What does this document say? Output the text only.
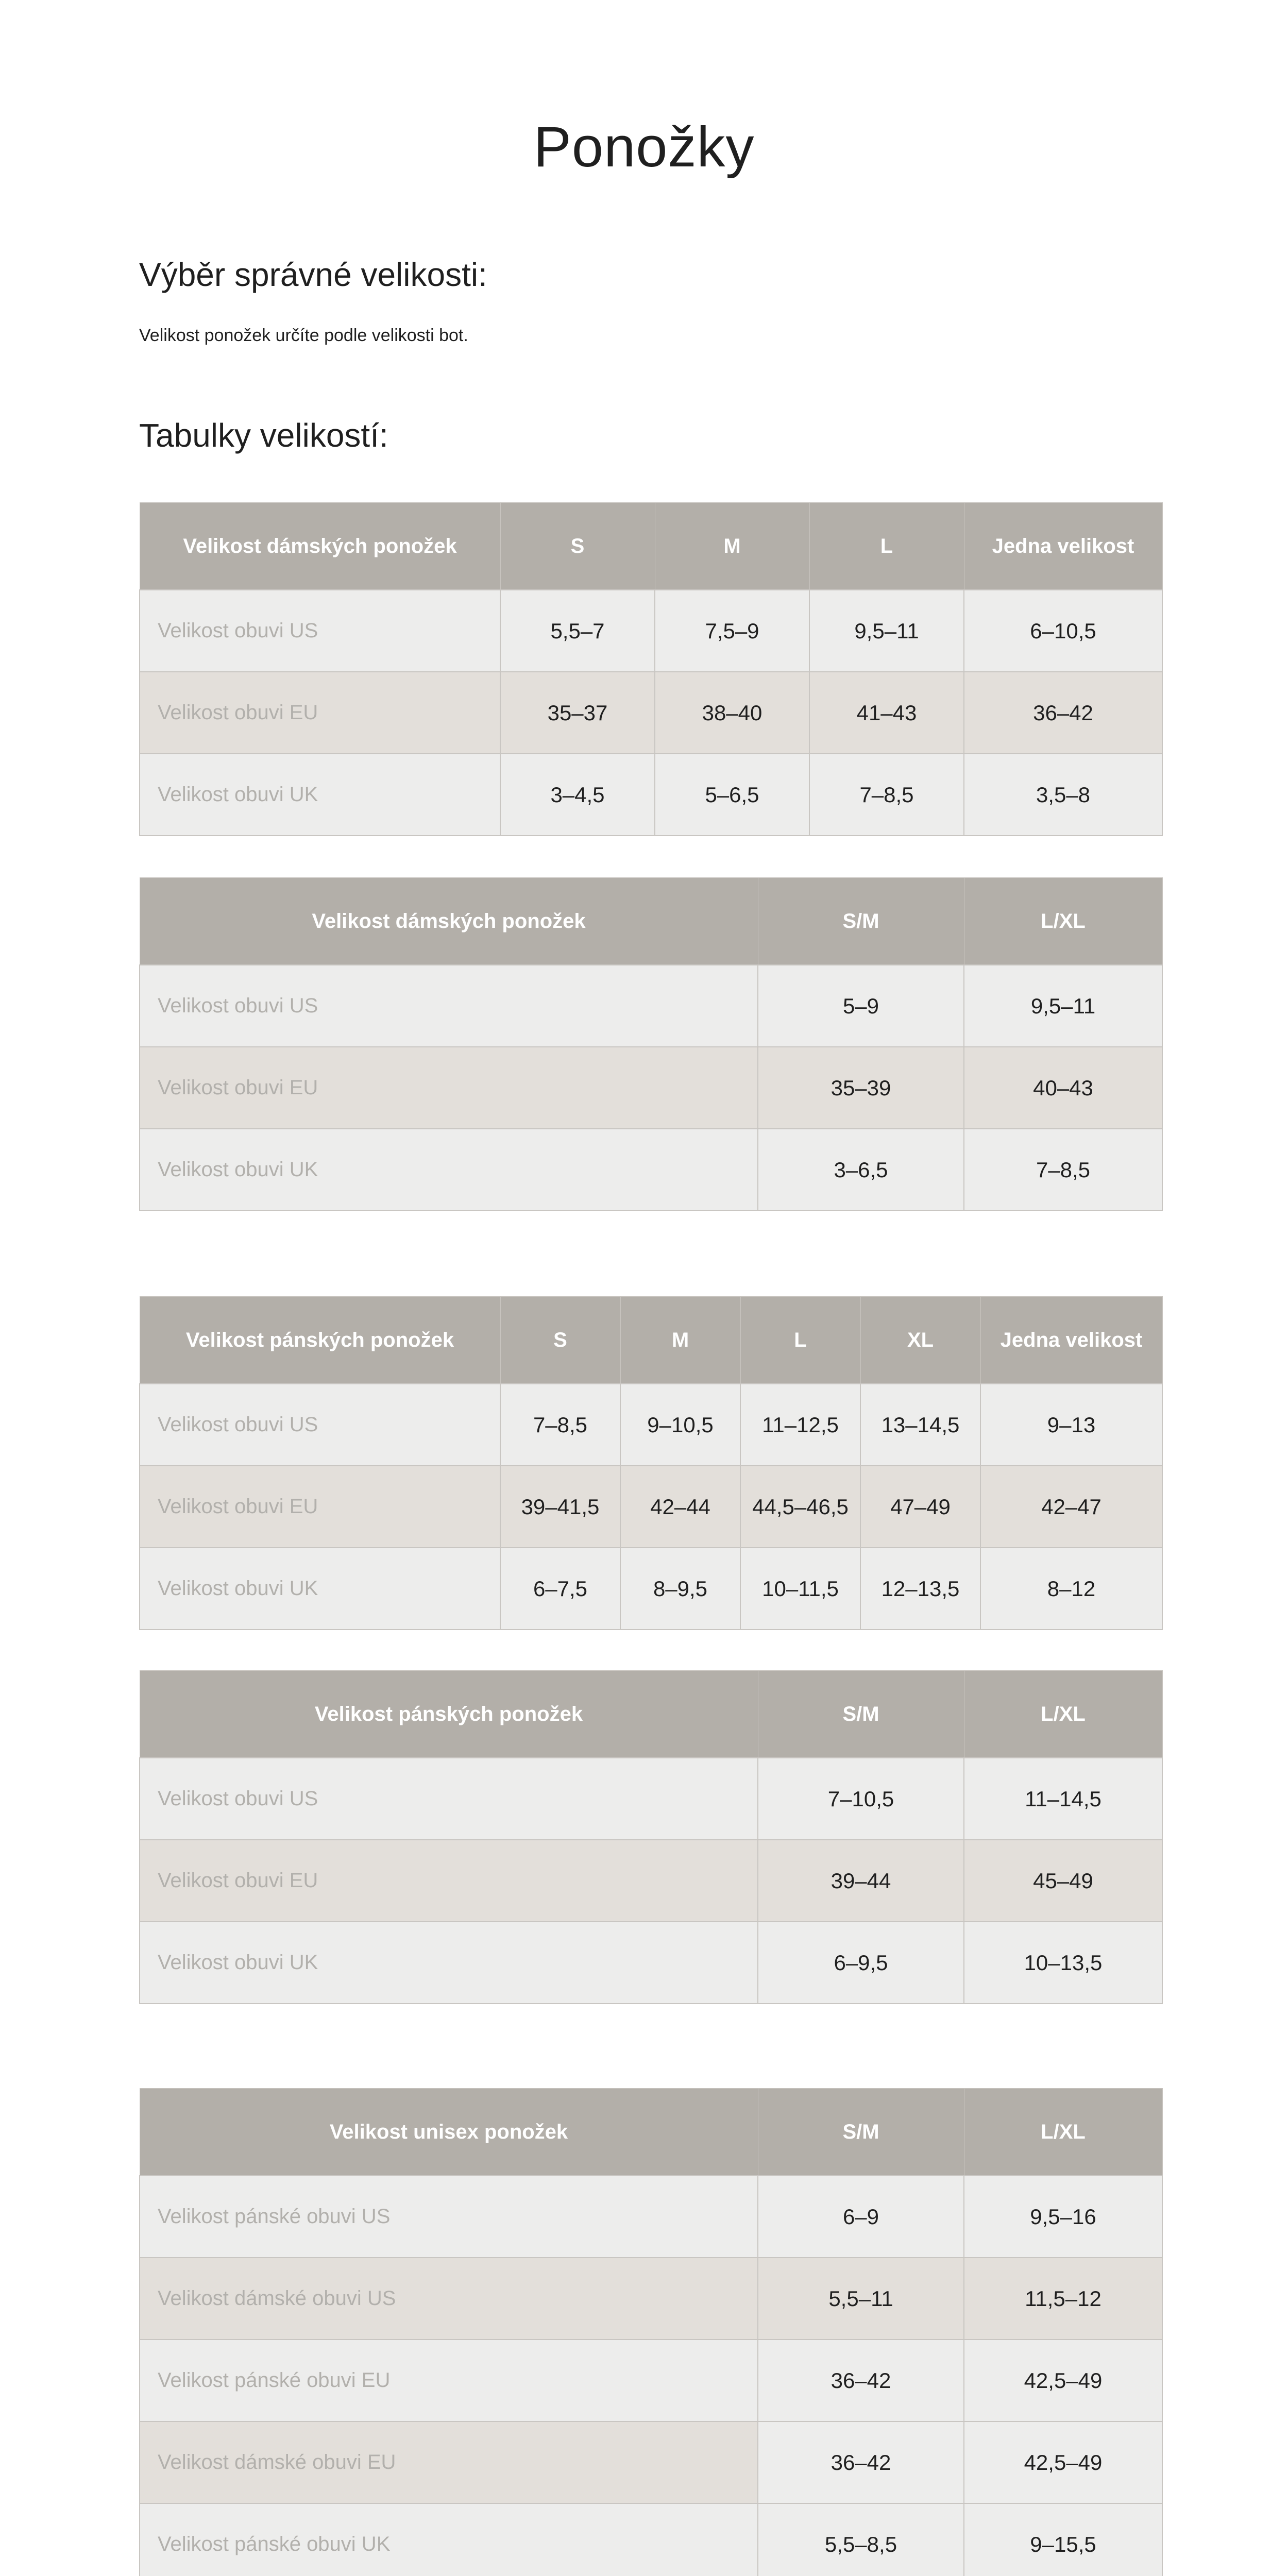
Ponožky
Výběr správné velikosti:

Velikost ponožek určíte podle velikosti bot.

Tabulky velikostí:
Velikost dámských ponožek	S	M	L	Jedna velikost
Velikost obuvi US	5,5–7	7,5–9	9,5–11	6–10,5
Velikost obuvi EU	35–37	38–40	41–43	36–42
Velikost obuvi UK	3–4,5	5–6,5	7–8,5	3,5–8
Velikost dámských ponožek	S/M	L/XL
Velikost obuvi US	5–9	9,5–11
Velikost obuvi EU	35–39	40–43
Velikost obuvi UK	3–6,5	7–8,5
Velikost pánských ponožek	S	M	L	XL	Jedna velikost
Velikost obuvi US	7–8,5	9–10,5	11–12,5	13–14,5	9–13
Velikost obuvi EU	39–41,5	42–44	44,5–46,5	47–49	42–47
Velikost obuvi UK	6–7,5	8–9,5	10–11,5	12–13,5	8–12
Velikost pánských ponožek	S/M	L/XL
Velikost obuvi US	7–10,5	11–14,5
Velikost obuvi EU	39–44	45–49
Velikost obuvi UK	6–9,5	10–13,5
Velikost unisex ponožek	S/M	L/XL
Velikost pánské obuvi US	6–9	9,5–16
Velikost dámské obuvi US	5,5–11	11,5–12
Velikost pánské obuvi EU	36–42	42,5–49
Velikost dámské obuvi EU	36–42	42,5–49
Velikost pánské obuvi UK	5,5–8,5	9–15,5
